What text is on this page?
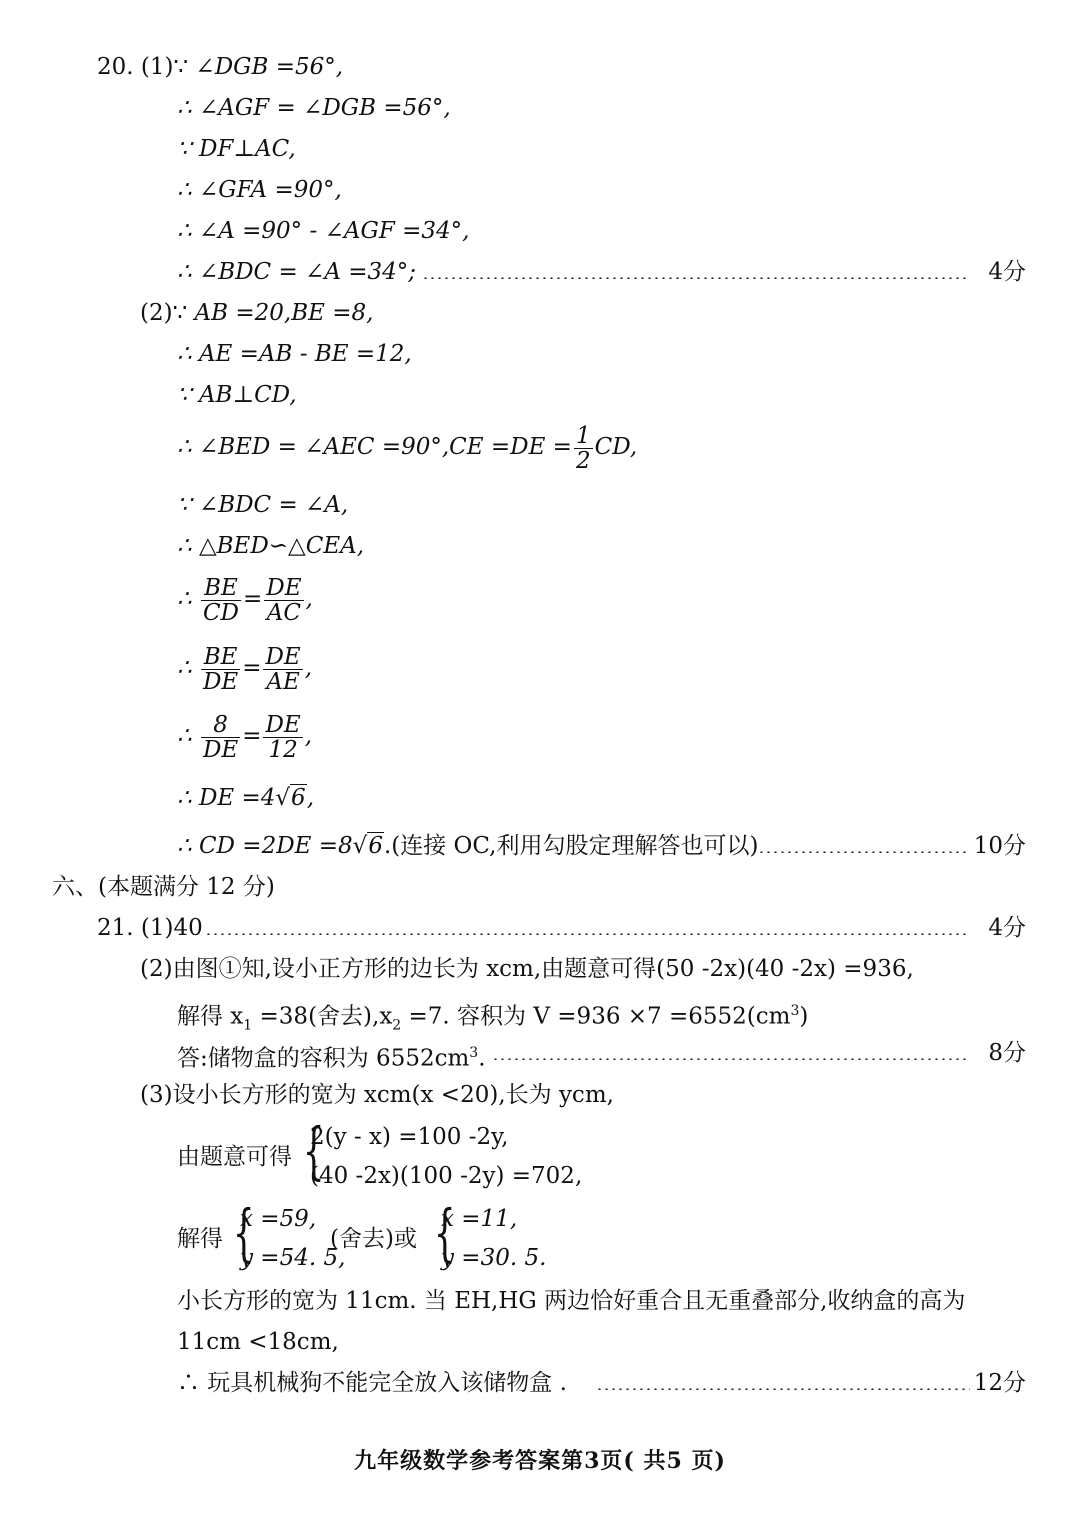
20. (1)∵ ∠DGB =56°,
∴ ∠AGF = ∠DGB =56°,
∵ DF⊥AC,
∴ ∠GFA =90°,
∴ ∠A =90° - ∠AGF =34°,
∴ ∠BDC = ∠A =34°;	4分
(2)∵ AB =20,BE =8,
∴ AE =AB - BE =12,
∵ AB⊥CD,
∴ ∠BED = ∠AEC $=90^\circ,CE =DE = \frac{1}{2}$ CD,
∵ ∠BDC = ∠A,
∴ △BED∽△CEA,
∴ $\frac{BE}{CD} = \frac{DE}{AC}$ ,
∴ $\frac{BE}{DE} = \frac{DE}{AE}$ ,
∴ $\frac{8}{DE} = \frac{DE}{12}$ ,
∴ DE =4√6,
∴ CD =2DE =8√6.(连接 OC,利用勾股定理解答也可以)	10分
六、(本题满分 12 分)
21. (1)40	4分
(2)由图①知,设小正方形的边长为 xcm,由题意可得(50 -2x)(40 -2x) =936,
解得 $x_1 =38$(舍去)$,x_2 =7$. 容积为 $V =936 \times 7 =6552(cm^3)$
答:储物盒的容积为 $6552cm^3$.	8分
(3)设小长方形的宽为 xcm(x <20),长为 ycm,
由题意可得 {
2(y - x) =100 -2y,
(40 -2x)(100 -2y) =702,
解得 {
x =59,
y =54. 5,
(舍去)或 {
x =11,
y =30. 5.
小长方形的宽为 11cm. 当 EH,HG 两边恰好重合且无重叠部分,收纳盒的高为
11cm <18cm,
∴ 玩具机械狗不能完全放入该储物盒 .	12分
九年级数学参考答案第3页( 共5 页)
